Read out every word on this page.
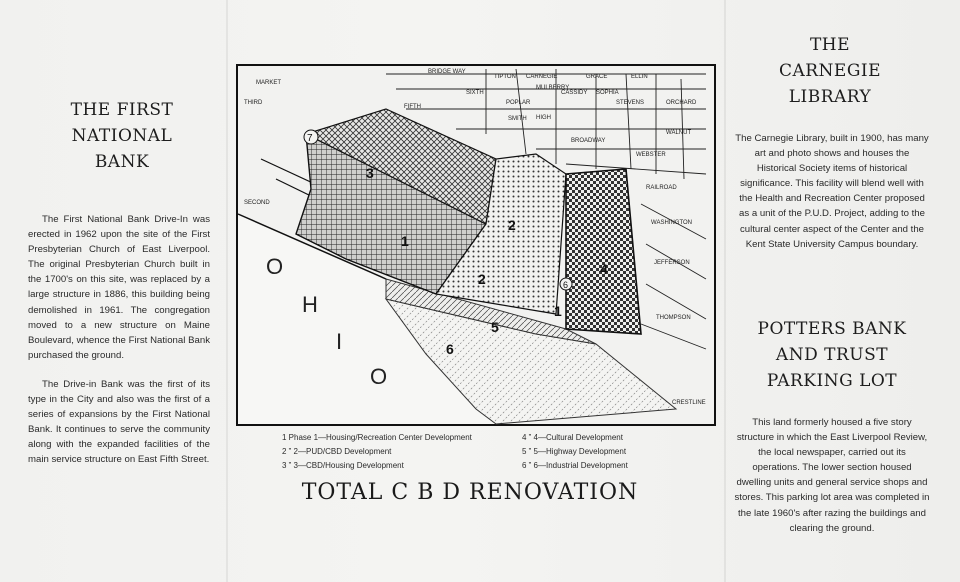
THE FIRST
NATIONAL
BANK

The First National Bank Drive-In was erected in 1962 upon the site of the First Presbyterian Church of East Liverpool. The original Presbyterian Church built in the 1700's on this site, was replaced by a large structure in 1886, this building being demolished in 1961. The congregation moved to a new structure on Maine Boulevard, whence the First National Bank purchased the ground.

The Drive-in Bank was the first of its type in the City and also was the first of a series of expansions by the First National Bank. It continues to serve the community along with the expanded facilities of the main service structure on East Fifth Street.

THE
CARNEGIE
LIBRARY
The Carnegie Library, built in 1900, has many art and photo shows and houses the Historical Society items of historical significance. This facility will blend well with the Health and Recreation Center proposed as a unit of the P.U.D. Project, adding to the cultural center aspect of the Center and the Kent State University Campus boundary.
POTTERS BANK
AND TRUST
PARKING LOT
This land formerly housed a five story structure in which the East Liverpool Review, the local newspaper, carried out its operations. The lower section housed dwelling units and general service shops and stores. This parking lot area was completed in the late 1960's after razing the buildings and clearing the ground.
O
H
I
O
1
2
3
1
2
4
5
6
7
6
BRIDGE WAY
TIPTON CARNEGIE	GRACE	ELLIN
POPLAR
SMITH
SIXTH
FIFTH
BROADWAY
WEBSTER
THOMPSON
RAILROAD
WASHINGTON
JEFFERSON
CASSIDY SOPHIA
STEVENS	ORCHARD
MULBERRY
MARKET
WALNUT
THIRD
SECOND
CRESTLINE
HIGH
1 Phase 1—Housing/Recreation Center Development
2 ” 2—PUD/CBD Development
3 ” 3—CBD/Housing Development
4 ” 4—Cultural Development
5 ” 5—Highway Development
6 ” 6—Industrial Development
TOTAL C B D RENOVATION
